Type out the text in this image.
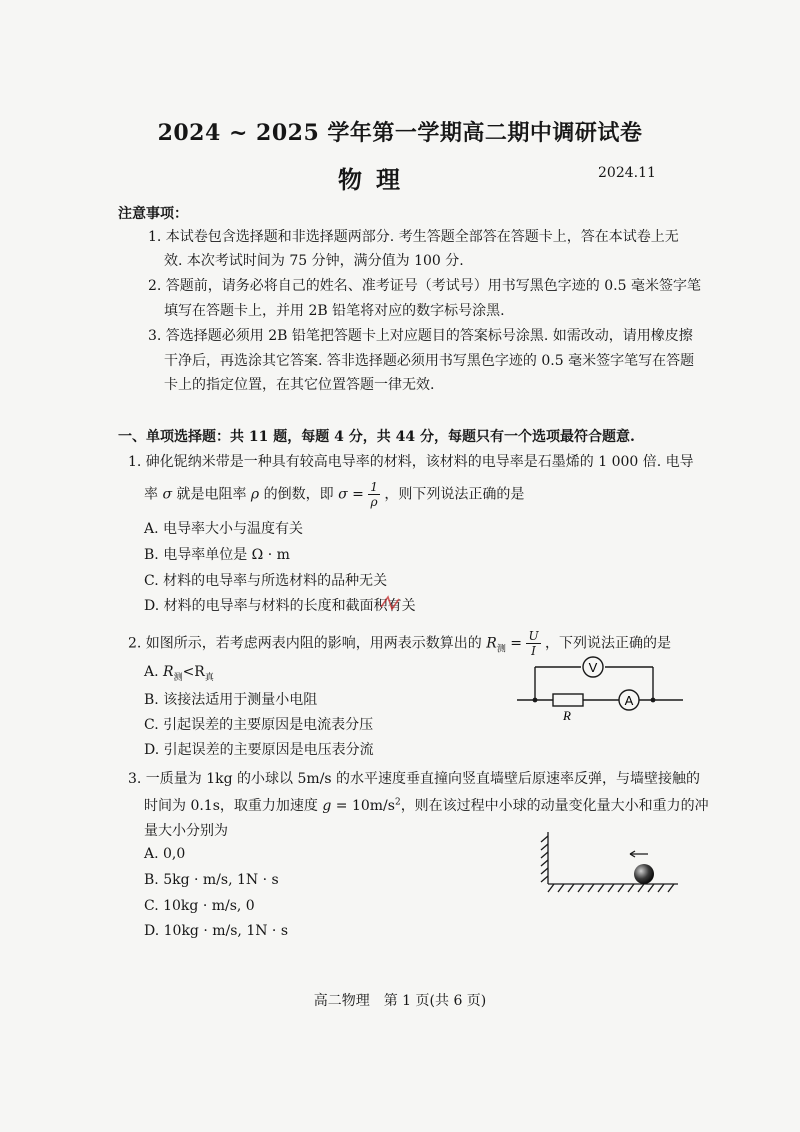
2024 ~ 2025 学年第一学期高二期中调研试卷
物理	2024.11
注意事项：
1. 本试卷包含选择题和非选择题两部分. 考生答题全部答在答题卡上，答在本试卷上无
效. 本次考试时间为 75 分钟，满分值为 100 分.
2. 答题前，请务必将自己的姓名、准考证号（考试号）用书写黑色字迹的 0.5 毫米签字笔
填写在答题卡上，并用 2B 铅笔将对应的数字标号涂黑.
3. 答选择题必须用 2B 铅笔把答题卡上对应题目的答案标号涂黑. 如需改动，请用橡皮擦
干净后，再选涂其它答案. 答非选择题必须用书写黑色字迹的 0.5 毫米签字笔写在答题
卡上的指定位置，在其它位置答题一律无效.
一、单项选择题：共 11 题，每题 4 分，共 44 分，每题只有一个选项最符合题意.
1. 砷化铌纳米带是一种具有较高电导率的材料，该材料的电导率是石墨烯的 1 000 倍. 电导
率 σ 就是电阻率 ρ 的倒数，即 $\sigma = \frac{1}{\rho}$ ，则下列说法正确的是
A. 电导率大小与温度有关
B. 电导率单位是 Ω · m
C. 材料的电导率与所选材料的品种无关
D. 材料的电导率与材料的长度和截面积有关
2. 如图所示，若考虑两表内阻的影响，用两表示数算出的 $R_测 = \frac{U}{I}$ ，下列说法正确的是
A. $R_测<R_真$
B. 该接法适用于测量小电阻
C. 引起误差的主要原因是电流表分压
D. 引起误差的主要原因是电压表分流
V
A
R
3. 一质量为 1kg 的小球以 5m/s 的水平速度垂直撞向竖直墙壁后原速率反弹，与墙壁接触的
时间为 0.1s，取重力加速度 $g = 10m/s^2$，则在该过程中小球的动量变化量大小和重力的冲
量大小分别为
A. 0,0
B. 5kg · m/s, 1N · s
C. 10kg · m/s, 0
D. 10kg · m/s, 1N · s
高二物理　第 1 页(共 6 页)
